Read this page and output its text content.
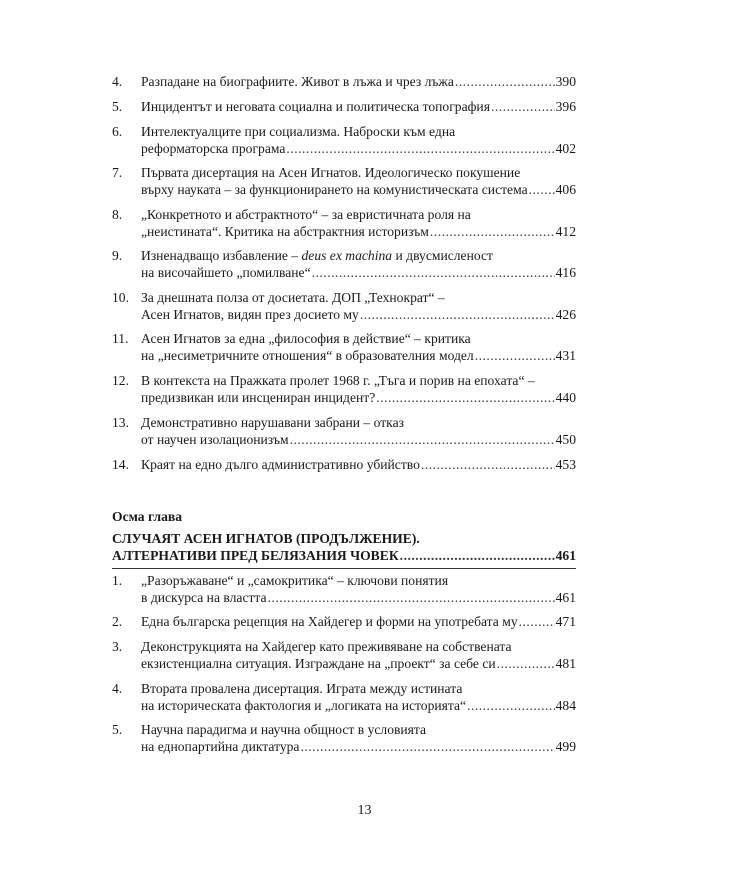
4. Разпадане на биографиите. Живот в лъжа и чрез лъжа .....	390
5. Инцидентът и неговата социална и политическа топография .....	396
6. Интелектуалците при социализма. Наброски към една
реформаторска програма .....	402
7. Първата дисертация на Асен Игнатов. Идеологическо покушение
върху науката – за функционирането на комунистическата система ..... 406
8. „Конкретното и абстрактното“ – за евристичната роля на
„неистината“. Критика на абстрактния историзъм .....	412
9. Изненадващо избавление – deus ex machina и двусмисленост
на височайшето „помилване“ .....	416
10. За днешната полза от досиетата. ДОП „Технократ“ –
Асен Игнатов, видян през досието му .....	426
11. Асен Игнатов за една „философия в действие“ – критика
на „несиметричните отношения“ в образователния модел .....	431
12. В контекста на Пражката пролет 1968 г. „Тъга и порив на епохата“ –
предизвикан или инсцениран инцидент? .....	440
13. Демонстративно нарушавани забрани – отказ
от научен изолационизъм .....	450
14. Краят на едно дълго административно убийство .....	453
Осма глава
СЛУЧАЯТ АСЕН ИГНАТОВ (ПРОДЪЛЖЕНИЕ).
АЛТЕРНАТИВИ ПРЕД БЕЛЯЗАНИЯ ЧОВЕК .....	461
1. „Разоръжаване“ и „самокритика“ – ключови понятия
в дискурса на властта .....	461
2. Една българска рецепция на Хайдегер и форми на употребата му .....	471
3. Деконструкцията на Хайдегер като преживяване на собствената
екзистенциална ситуация. Изграждане на „проект“ за себе си .....	481
4. Втората провалена дисертация. Играта между истината
на историческата фактология и „логиката на историята“ .....	484
5. Научна парадигма и научна общност в условията
на еднопартийна диктатура .....	499
13
